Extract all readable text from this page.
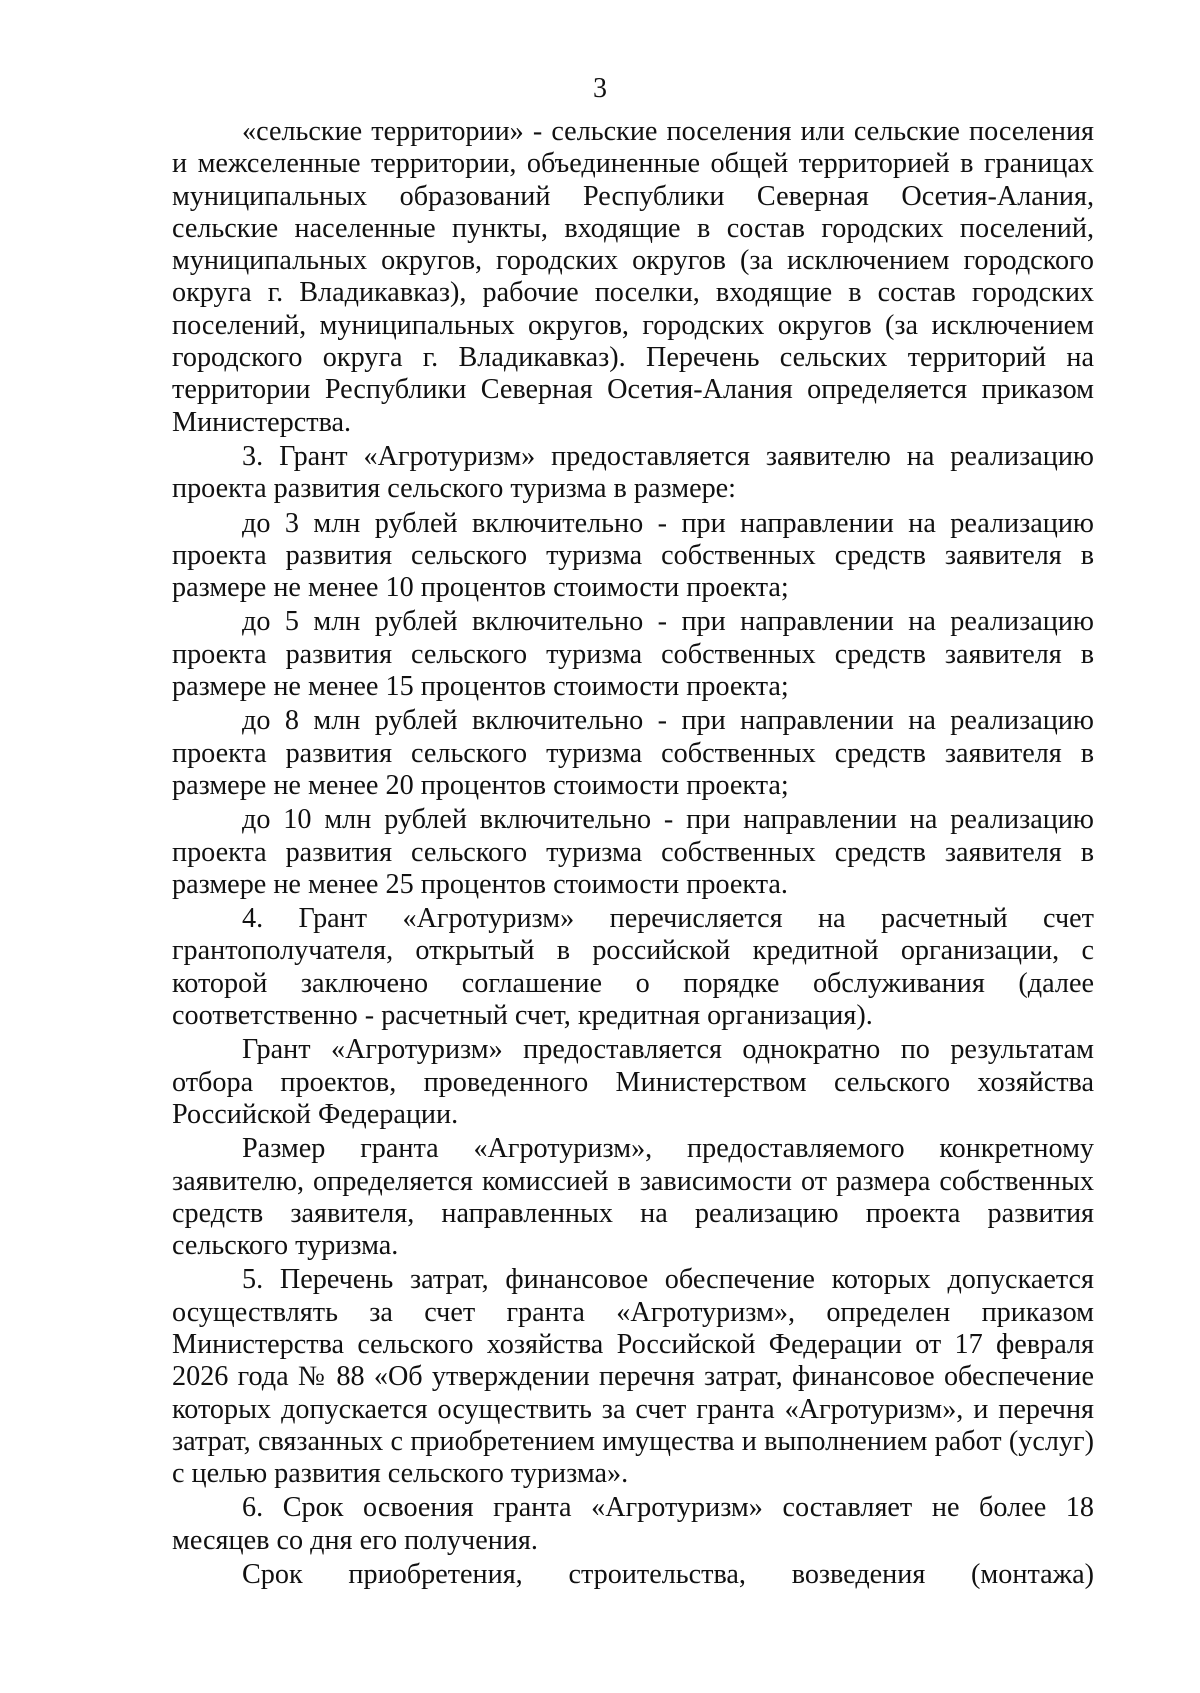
3

«сельские территории» - сельские поселения или сельские поселения и межселенные территории, объединенные общей территорией в границах муниципальных образований Республики Северная Осетия-Алания, сельские населенные пункты, входящие в состав городских поселений, муниципальных округов, городских округов (за исключением городского округа г. Владикавказ), рабочие поселки, входящие в состав городских поселений, муниципальных округов, городских округов (за исключением городского округа г. Владикавказ). Перечень сельских территорий на территории Республики Северная Осетия-Алания определяется приказом Министерства.

3. Грант «Агротуризм» предоставляется заявителю на реализацию проекта развития сельского туризма в размере:

до 3 млн рублей включительно - при направлении на реализацию проекта развития сельского туризма собственных средств заявителя в размере не менее 10 процентов стоимости проекта;

до 5 млн рублей включительно - при направлении на реализацию проекта развития сельского туризма собственных средств заявителя в размере не менее 15 процентов стоимости проекта;

до 8 млн рублей включительно - при направлении на реализацию проекта развития сельского туризма собственных средств заявителя в размере не менее 20 процентов стоимости проекта;

до 10 млн рублей включительно - при направлении на реализацию проекта развития сельского туризма собственных средств заявителя в размере не менее 25 процентов стоимости проекта.

4. Грант «Агротуризм» перечисляется на расчетный счет грантополучателя, открытый в российской кредитной организации, с которой заключено соглашение о порядке обслуживания (далее соответственно - расчетный счет, кредитная организация).

Грант «Агротуризм» предоставляется однократно по результатам отбора проектов, проведенного Министерством сельского хозяйства Российской Федерации.

Размер гранта «Агротуризм», предоставляемого конкретному заявителю, определяется комиссией в зависимости от размера собственных средств заявителя, направленных на реализацию проекта развития сельского туризма.

5. Перечень затрат, финансовое обеспечение которых допускается осуществлять за счет гранта «Агротуризм», определен приказом Министерства сельского хозяйства Российской Федерации от 17 февраля 2026 года № 88 «Об утверждении перечня затрат, финансовое обеспечение которых допускается осуществить за счет гранта «Агротуризм», и перечня затрат, связанных с приобретением имущества и выполнением работ (услуг) с целью развития сельского туризма».

6. Срок освоения гранта «Агротуризм» составляет не более 18 месяцев со дня его получения.

Срок приобретения, строительства, возведения (монтажа)
